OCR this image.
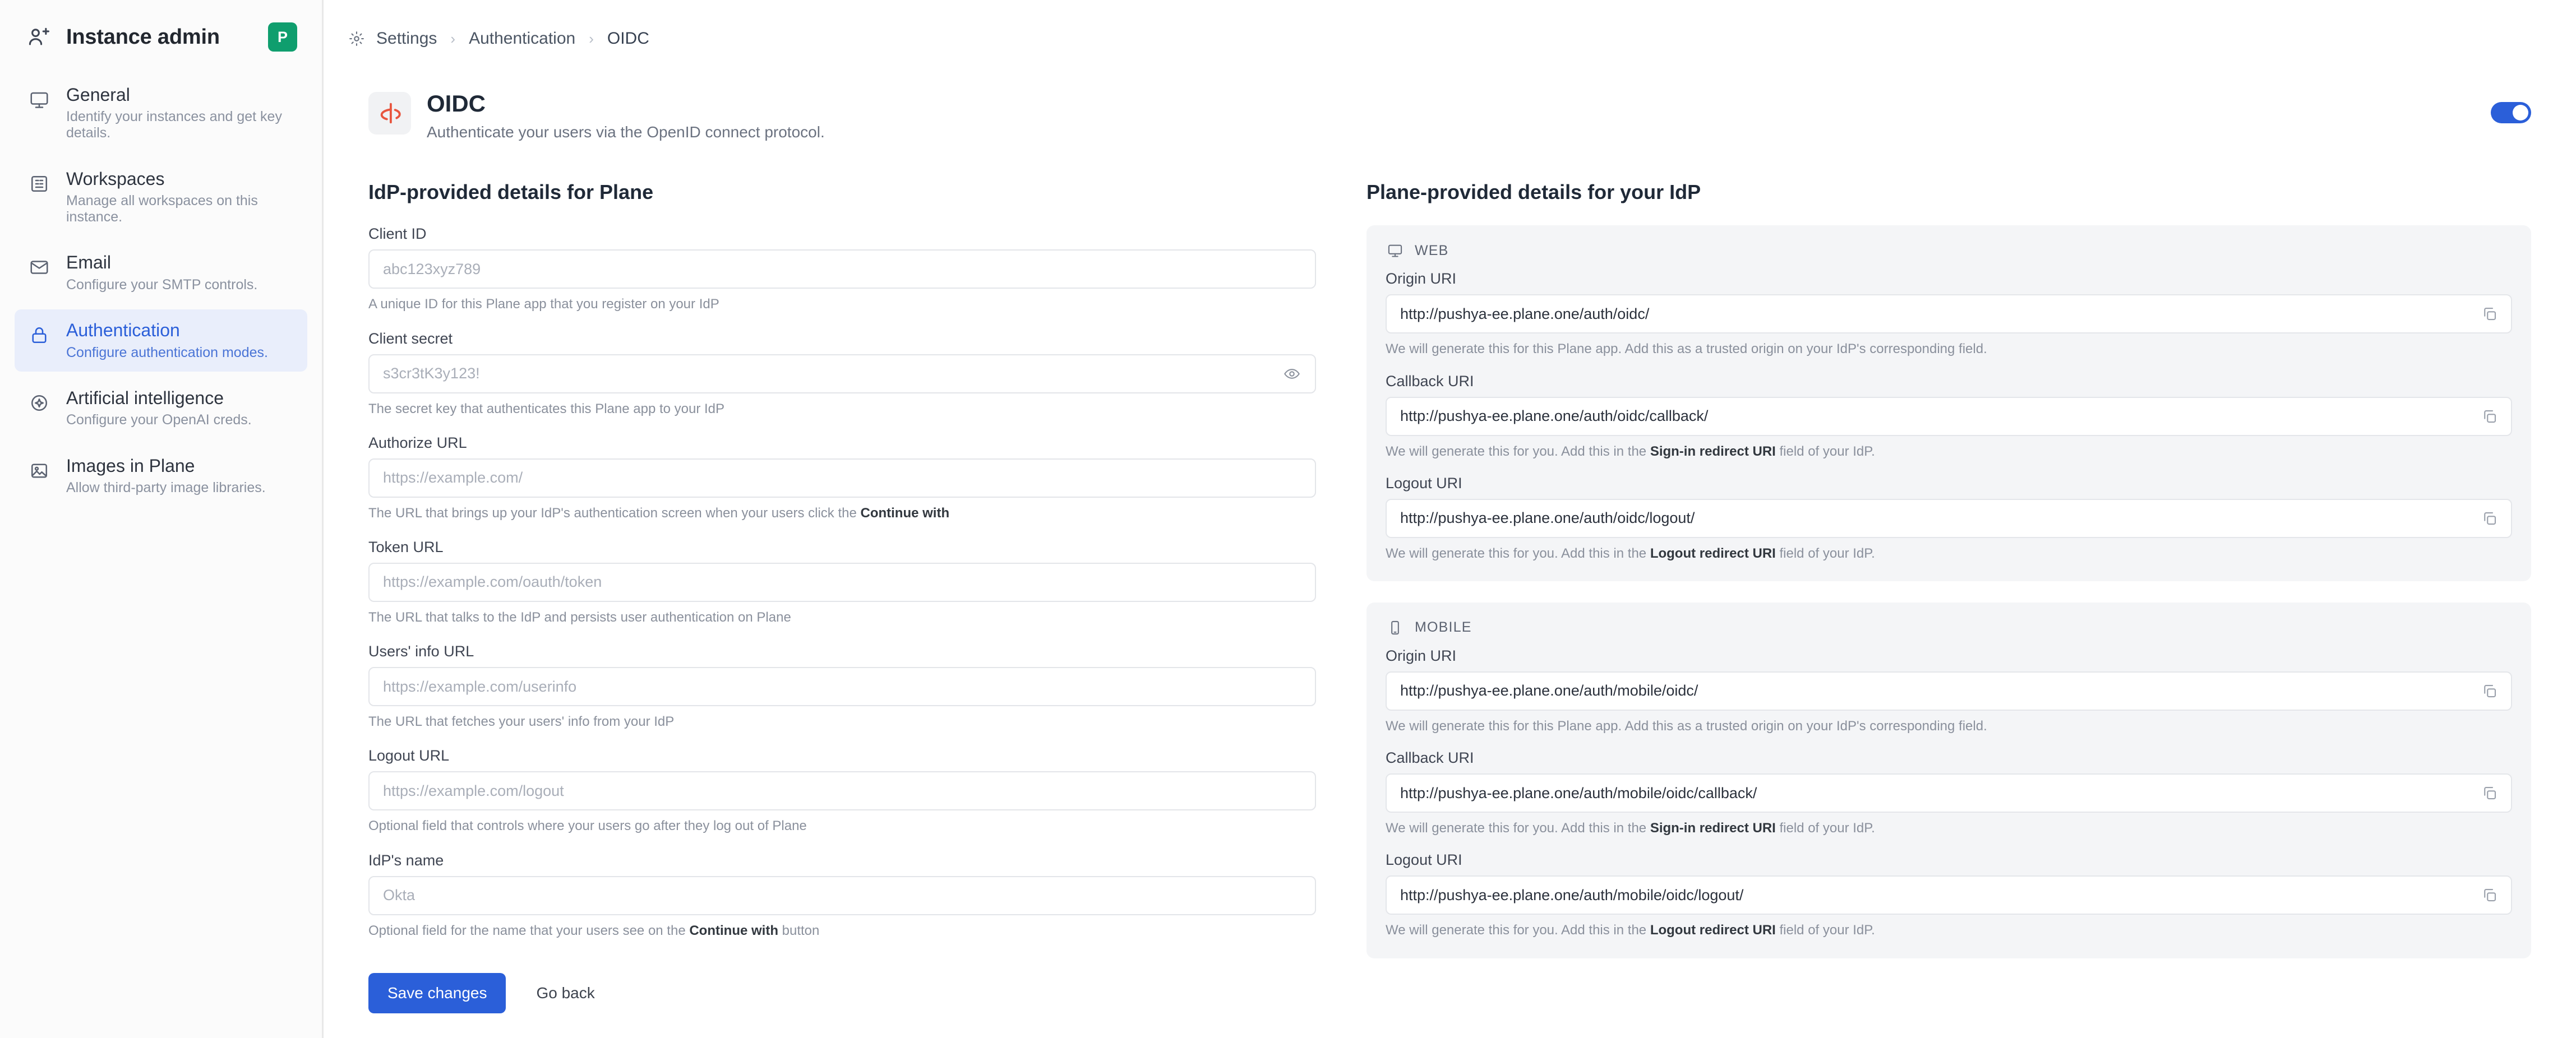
Instance admin	P
General
Identify your instances and get key details.
Workspaces
Manage all workspaces on this instance.
Email
Configure your SMTP controls.
Authentication
Configure authentication modes.
Artificial intelligence
Configure your OpenAI creds.
Images in Plane
Allow third-party image libraries.
Settings › Authentication › OIDC
OIDC
Authenticate your users via the OpenID connect protocol.
IdP-provided details for Plane
Client ID
abc123xyz789
A unique ID for this Plane app that you register on your IdP
Client secret
s3cr3tK3y123!
The secret key that authenticates this Plane app to your IdP
Authorize URL
https://example.com/
The URL that brings up your IdP's authentication screen when your users click the Continue with
Token URL
https://example.com/oauth/token
The URL that talks to the IdP and persists user authentication on Plane
Users' info URL
https://example.com/userinfo
The URL that fetches your users' info from your IdP
Logout URL
https://example.com/logout
Optional field that controls where your users go after they log out of Plane
IdP's name
Okta
Optional field for the name that your users see on the Continue with button
Save changes	Go back
Plane-provided details for your IdP
WEB
Origin URI
http://pushya-ee.plane.one/auth/oidc/
We will generate this for this Plane app. Add this as a trusted origin on your IdP's corresponding field.
Callback URI
http://pushya-ee.plane.one/auth/oidc/callback/
We will generate this for you. Add this in the Sign-in redirect URI field of your IdP.
Logout URI
http://pushya-ee.plane.one/auth/oidc/logout/
We will generate this for you. Add this in the Logout redirect URI field of your IdP.
MOBILE
Origin URI
http://pushya-ee.plane.one/auth/mobile/oidc/
We will generate this for this Plane app. Add this as a trusted origin on your IdP's corresponding field.
Callback URI
http://pushya-ee.plane.one/auth/mobile/oidc/callback/
We will generate this for you. Add this in the Sign-in redirect URI field of your IdP.
Logout URI
http://pushya-ee.plane.one/auth/mobile/oidc/logout/
We will generate this for you. Add this in the Logout redirect URI field of your IdP.
